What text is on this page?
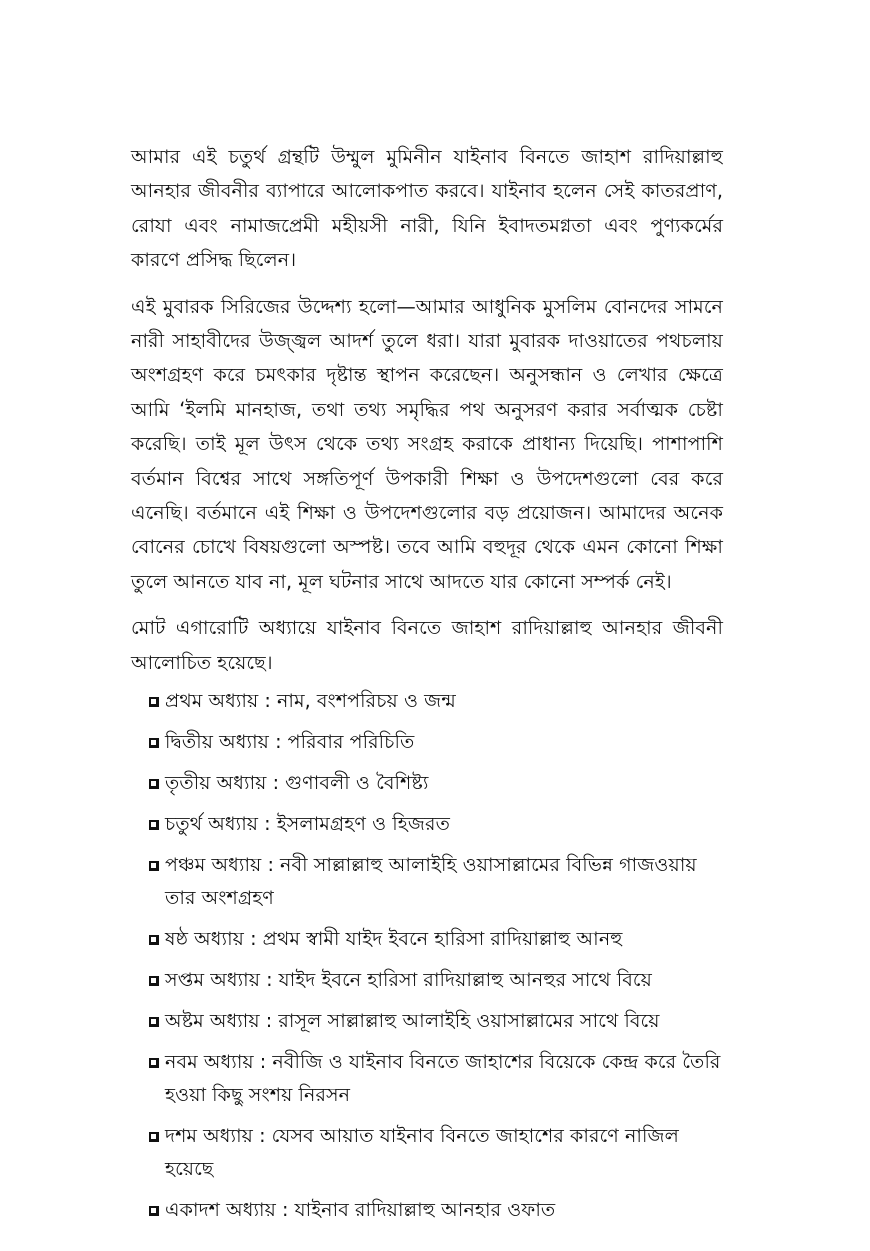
আমার এই চতুর্থ গ্রন্থটি উম্মুল মুমিনীন যাইনাব বিনতে জাহাশ রাদিয়াল্লাহু আনহার জীবনীর ব্যাপারে আলোকপাত করবে। যাইনাব হলেন সেই কাতরপ্রাণ, রোযা এবং নামাজপ্রেমী মহীয়সী নারী, যিনি ইবাদতমগ্নতা এবং পুণ্যকর্মের কারণে প্রসিদ্ধ ছিলেন।

এই মুবারক সিরিজের উদ্দেশ্য হলো—আমার আধুনিক মুসলিম বোনদের সামনে নারী সাহাবীদের উজ্জ্বল আদর্শ তুলে ধরা। যারা মুবারক দাওয়াতের পথচলায় অংশগ্রহণ করে চমৎকার দৃষ্টান্ত স্থাপন করেছেন। অনুসন্ধান ও লেখার ক্ষেত্রে আমি ‘ইলমি মানহাজ, তথা তথ্য সমৃদ্ধির পথ অনুসরণ করার সর্বাত্মক চেষ্টা করেছি। তাই মূল উৎস থেকে তথ্য সংগ্রহ করাকে প্রাধান্য দিয়েছি। পাশাপাশি বর্তমান বিশ্বের সাথে সঙ্গতিপূর্ণ উপকারী শিক্ষা ও উপদেশগুলো বের করে এনেছি। বর্তমানে এই শিক্ষা ও উপদেশগুলোর বড় প্রয়োজন। আমাদের অনেক বোনের চোখে বিষয়গুলো অস্পষ্ট। তবে আমি বহুদূর থেকে এমন কোনো শিক্ষা তুলে আনতে যাব না, মূল ঘটনার সাথে আদতে যার কোনো সম্পর্ক নেই।

মোট এগারোটি অধ্যায়ে যাইনাব বিনতে জাহাশ রাদিয়াল্লাহু আনহার জীবনী আলোচিত হয়েছে।

প্রথম অধ্যায় : নাম, বংশপরিচয় ও জন্ম
দ্বিতীয় অধ্যায় : পরিবার পরিচিতি
তৃতীয় অধ্যায় : গুণাবলী ও বৈশিষ্ট্য
চতুর্থ অধ্যায় : ইসলামগ্রহণ ও হিজরত
পঞ্চম অধ্যায় : নবী সাল্লাল্লাহু আলাইহি ওয়াসাল্লামের বিভিন্ন গাজওয়ায় তার অংশগ্রহণ
ষষ্ঠ অধ্যায় : প্রথম স্বামী যাইদ ইবনে হারিসা রাদিয়াল্লাহু আনহু
সপ্তম অধ্যায় : যাইদ ইবনে হারিসা রাদিয়াল্লাহু আনহুর সাথে বিয়ে
অষ্টম অধ্যায় : রাসূল সাল্লাল্লাহু আলাইহি ওয়াসাল্লামের সাথে বিয়ে
নবম অধ্যায় : নবীজি ও যাইনাব বিনতে জাহাশের বিয়েকে কেন্দ্র করে তৈরি হওয়া কিছু সংশয় নিরসন
দশম অধ্যায় : যেসব আয়াত যাইনাব বিনতে জাহাশের কারণে নাজিল হয়েছে
একাদশ অধ্যায় : যাইনাব রাদিয়াল্লাহু আনহার ওফাত
